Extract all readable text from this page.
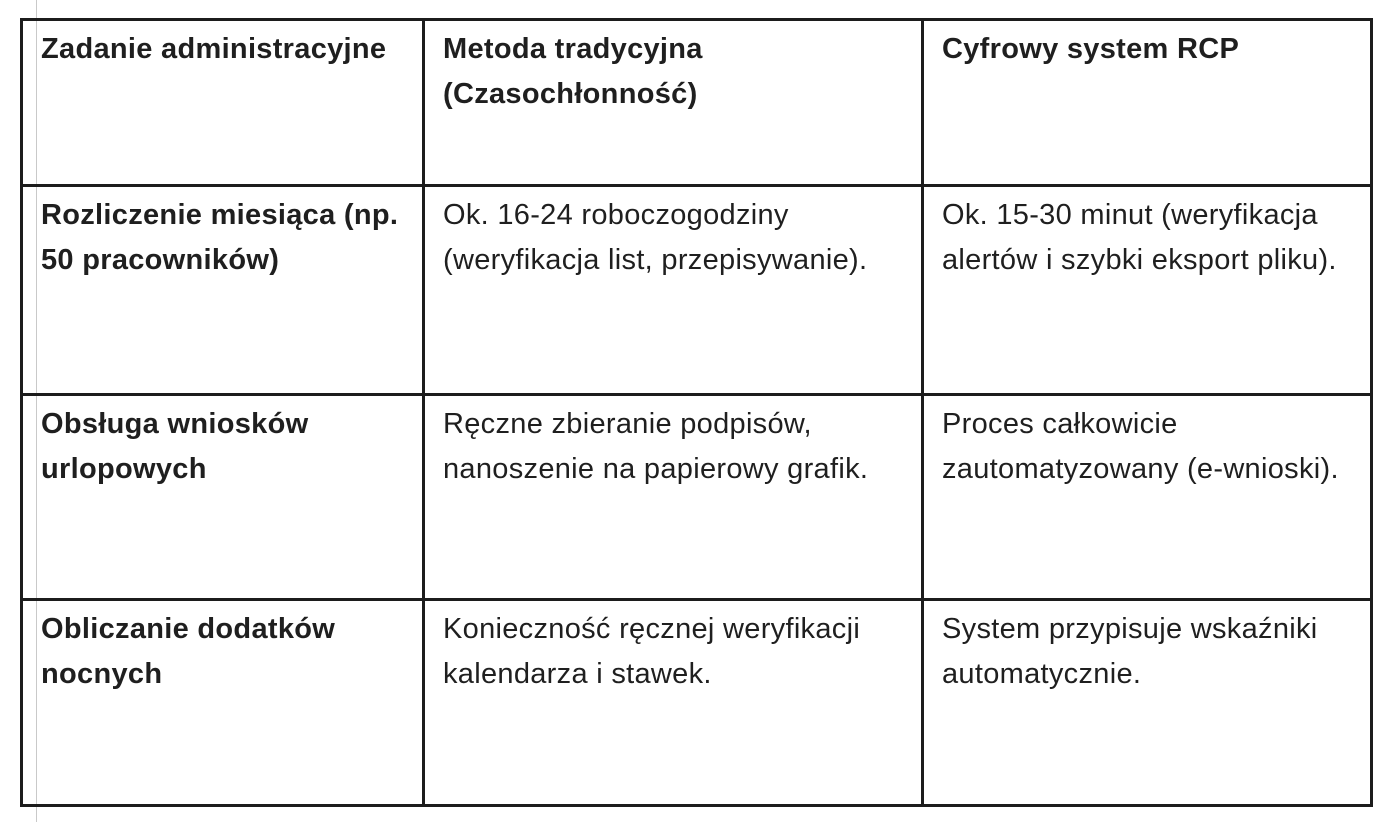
Zadanie administracyjne	Metoda tradycyjna (Czasochłonność)	Cyfrowy system RCP

Rozliczenie miesiąca (np. 50 pracowników)	Ok. 16-24 roboczogodziny (weryfikacja list, przepisywanie).	Ok. 15-30 minut (weryfikacja alertów i szybki eksport pliku).

Obsługa wniosków urlopowych	Ręczne zbieranie podpisów, nanoszenie na papierowy grafik.	Proces całkowicie zautomatyzowany (e-wnioski).

Obliczanie dodatków nocnych	Konieczność ręcznej weryfikacji kalendarza i stawek.	System przypisuje wskaźniki automatycznie.
